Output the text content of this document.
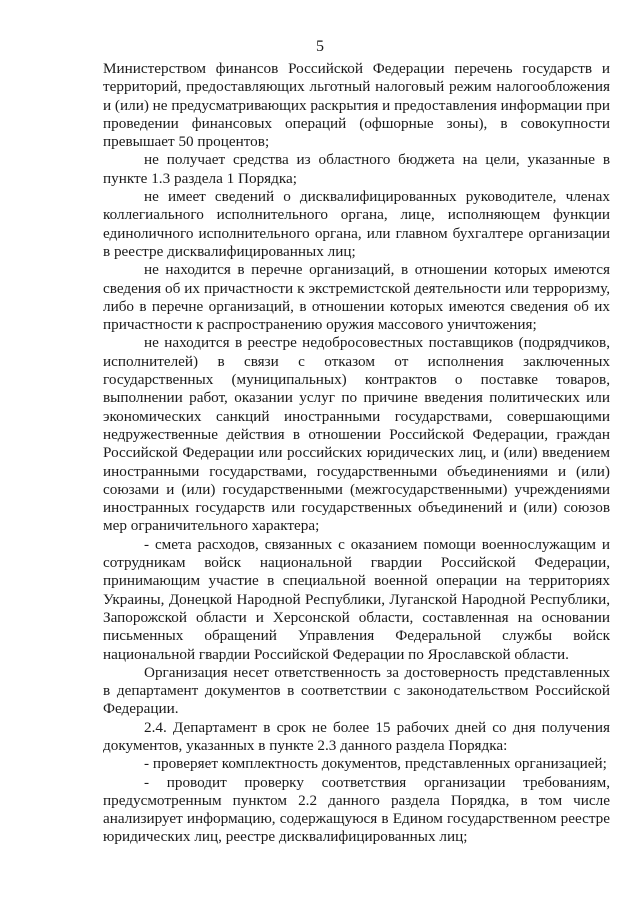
5

Министерством финансов Российской Федерации перечень государств и территорий, предоставляющих льготный налоговый режим налогообложения и (или) не предусматривающих раскрытия и предоставления информации при проведении финансовых операций (офшорные зоны), в совокупности превышает 50 процентов;

не получает средства из областного бюджета на цели, указанные в пункте 1.3 раздела 1 Порядка;

не имеет сведений о дисквалифицированных руководителе, членах коллегиального исполнительного органа, лице, исполняющем функции единоличного исполнительного органа, или главном бухгалтере организации в реестре дисквалифицированных лиц;

не находится в перечне организаций, в отношении которых имеются сведения об их причастности к экстремистской деятельности или терроризму, либо в перечне организаций, в отношении которых имеются сведения об их причастности к распространению оружия массового уничтожения;

не находится в реестре недобросовестных поставщиков (подрядчиков, исполнителей) в связи с отказом от исполнения заключенных государственных (муниципальных) контрактов о поставке товаров, выполнении работ, оказании услуг по причине введения политических или экономических санкций иностранными государствами, совершающими недружественные действия в отношении Российской Федерации, граждан Российской Федерации или российских юридических лиц, и (или) введением иностранными государствами, государственными объединениями и (или) союзами и (или) государственными (межгосударственными) учреждениями иностранных государств или государственных объединений и (или) союзов мер ограничительного характера;

- смета расходов, связанных с оказанием помощи военнослужащим и сотрудникам войск национальной гвардии Российской Федерации, принимающим участие в специальной военной операции на территориях Украины, Донецкой Народной Республики, Луганской Народной Республики, Запорожской области и Херсонской области, составленная на основании письменных обращений Управления Федеральной службы войск национальной гвардии Российской Федерации по Ярославской области.

Организация несет ответственность за достоверность представленных в департамент документов в соответствии с законодательством Российской Федерации.

2.4. Департамент в срок не более 15 рабочих дней со дня получения документов, указанных в пункте 2.3 данного раздела Порядка:

- проверяет комплектность документов, представленных организацией;

- проводит проверку соответствия организации требованиям, предусмотренным пунктом 2.2 данного раздела Порядка, в том числе анализирует информацию, содержащуюся в Едином государственном реестре юридических лиц, реестре дисквалифицированных лиц;
